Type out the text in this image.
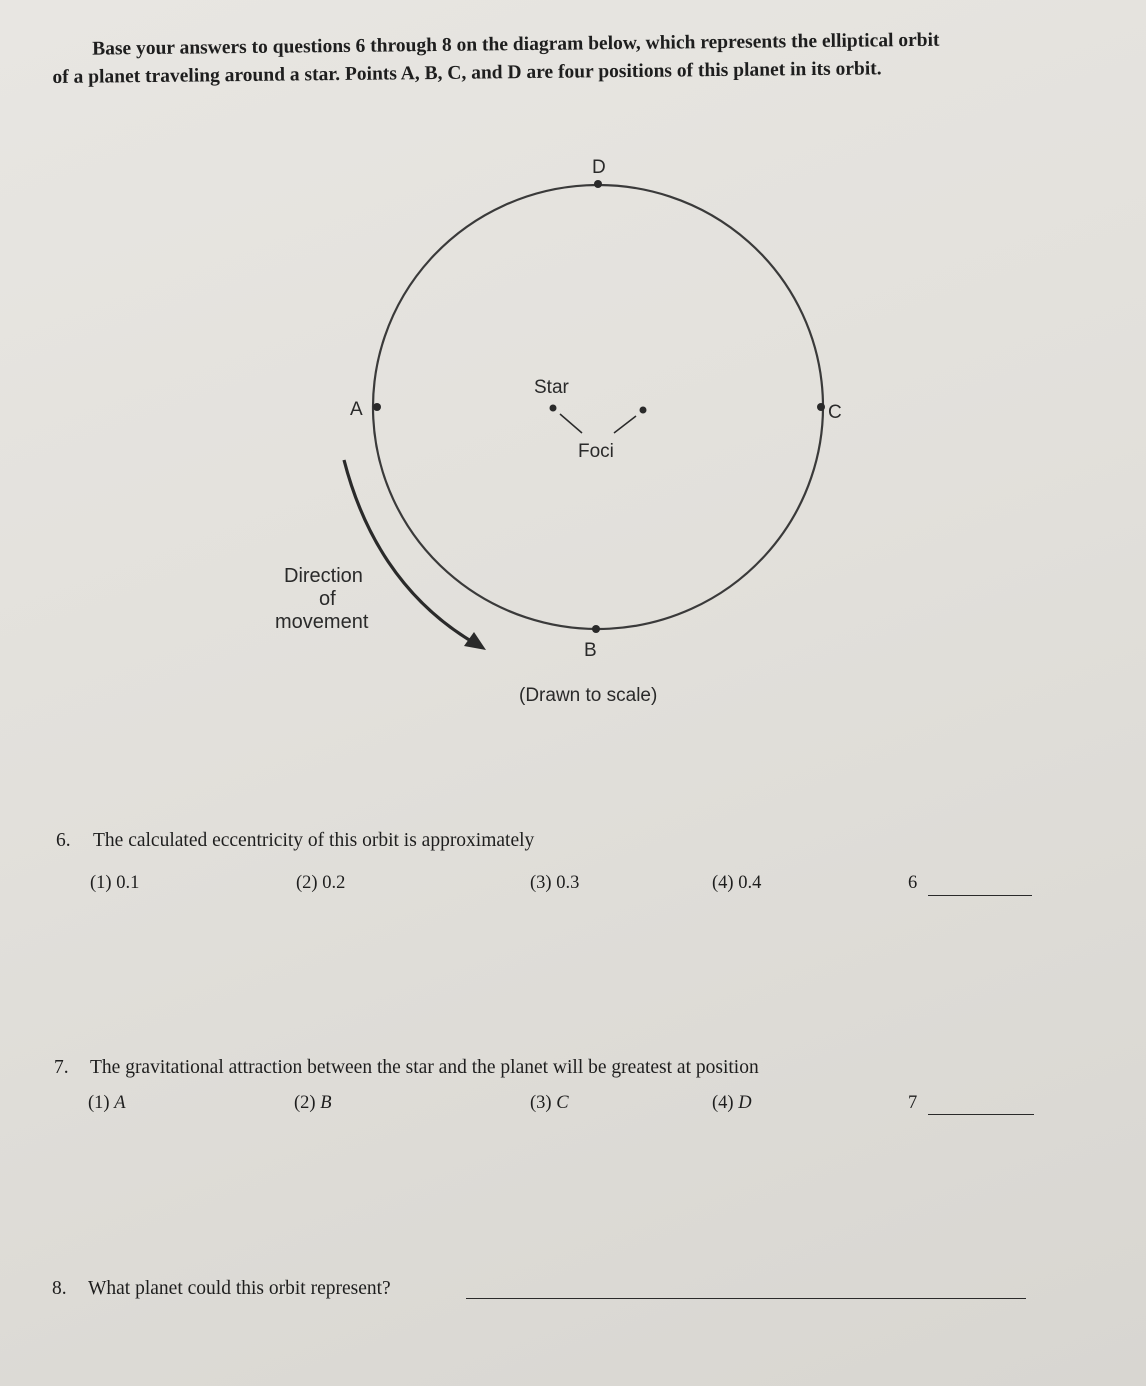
Base your answers to questions 6 through 8 on the diagram below, which represents the elliptical orbit
of a planet traveling around a star. Points A, B, C, and D are four positions of this planet in its orbit.
D
A	C
B
Star
Foci
Direction
of
movement
(Drawn to scale)
6. The calculated eccentricity of this orbit is approximately
(1) 0.1	(2) 0.2	(3) 0.3	(4) 0.4	6
7. The gravitational attraction between the star and the planet will be greatest at position
(1) A	(2) B	(3) C	(4) D	7
8. What planet could this orbit represent?
